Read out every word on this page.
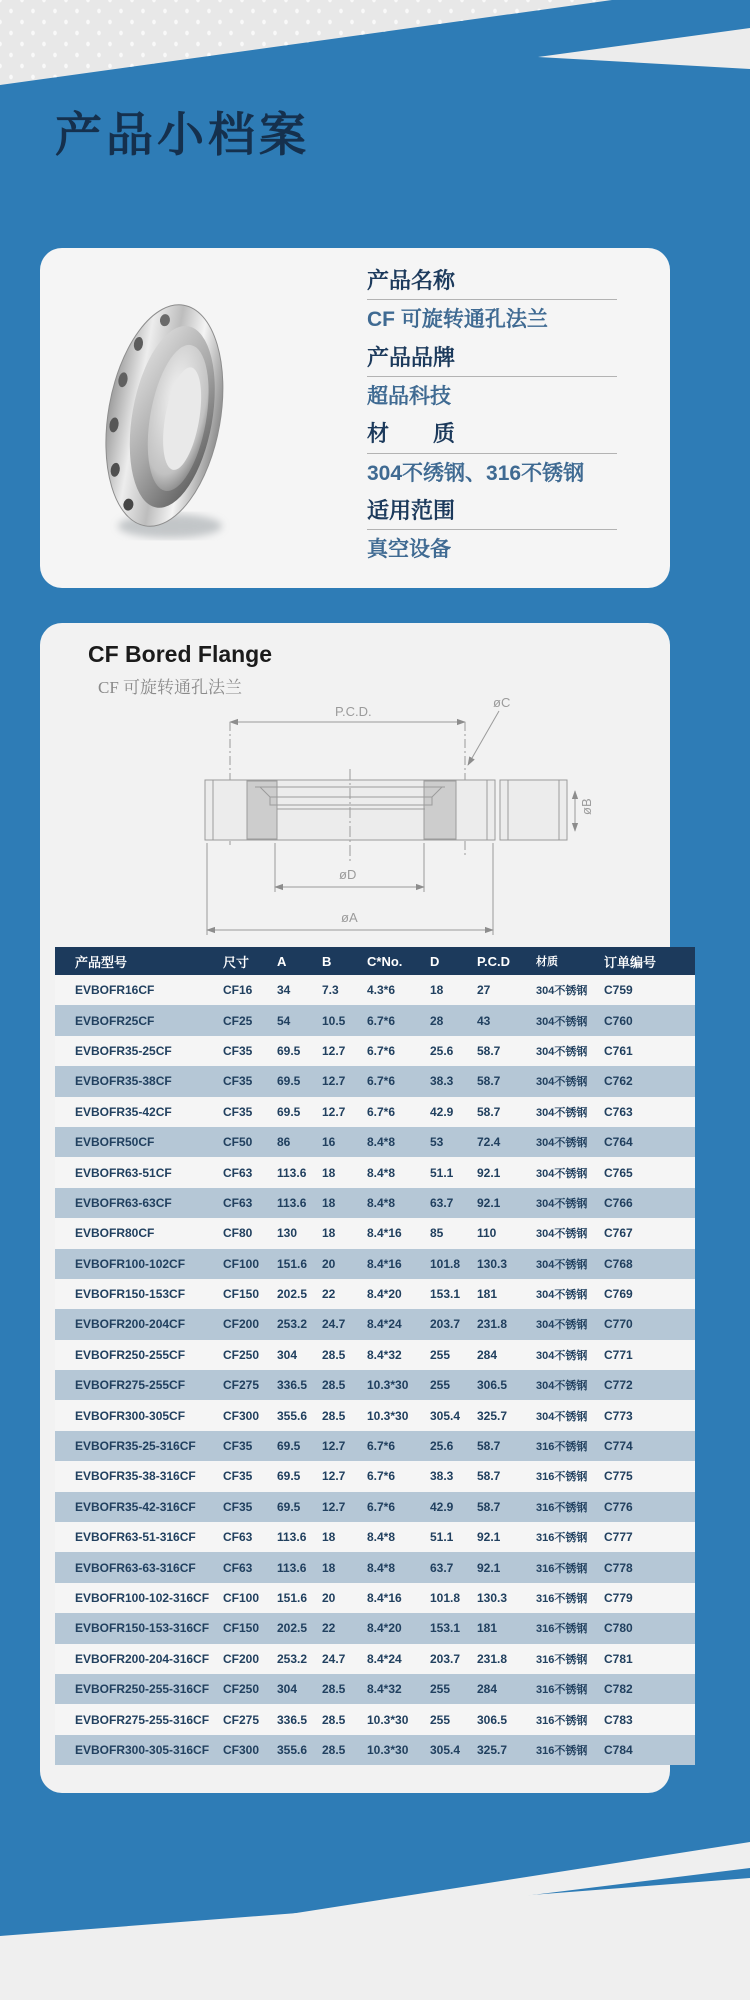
产品小档案
产品名称
CF 可旋转通孔法兰
产品品牌
超品科技
材　　质
304不绣钢、316不锈钢
适用范围
真空设备
CF Bored Flange
CF 可旋转通孔法兰
P.C.D.
øC
øB
øD
øA
产品型号	尺寸	A	B	C*No.	D	P.C.D	材质	订单编号
EVBOFR16CF	CF16	34	7.3	4.3*6	18	27	304不锈钢	C759
EVBOFR25CF	CF25	54	10.5	6.7*6	28	43	304不锈钢	C760
EVBOFR35-25CF	CF35	69.5	12.7	6.7*6	25.6	58.7	304不锈钢	C761
EVBOFR35-38CF	CF35	69.5	12.7	6.7*6	38.3	58.7	304不锈钢	C762
EVBOFR35-42CF	CF35	69.5	12.7	6.7*6	42.9	58.7	304不锈钢	C763
EVBOFR50CF	CF50	86	16	8.4*8	53	72.4	304不锈钢	C764
EVBOFR63-51CF	CF63	113.6	18	8.4*8	51.1	92.1	304不锈钢	C765
EVBOFR63-63CF	CF63	113.6	18	8.4*8	63.7	92.1	304不锈钢	C766
EVBOFR80CF	CF80	130	18	8.4*16	85	110	304不锈钢	C767
EVBOFR100-102CF	CF100	151.6	20	8.4*16	101.8	130.3	304不锈钢	C768
EVBOFR150-153CF	CF150	202.5	22	8.4*20	153.1	181	304不锈钢	C769
EVBOFR200-204CF	CF200	253.2	24.7	8.4*24	203.7	231.8	304不锈钢	C770
EVBOFR250-255CF	CF250	304	28.5	8.4*32	255	284	304不锈钢	C771
EVBOFR275-255CF	CF275	336.5	28.5	10.3*30	255	306.5	304不锈钢	C772
EVBOFR300-305CF	CF300	355.6	28.5	10.3*30	305.4	325.7	304不锈钢	C773
EVBOFR35-25-316CF	CF35	69.5	12.7	6.7*6	25.6	58.7	316不锈钢	C774
EVBOFR35-38-316CF	CF35	69.5	12.7	6.7*6	38.3	58.7	316不锈钢	C775
EVBOFR35-42-316CF	CF35	69.5	12.7	6.7*6	42.9	58.7	316不锈钢	C776
EVBOFR63-51-316CF	CF63	113.6	18	8.4*8	51.1	92.1	316不锈钢	C777
EVBOFR63-63-316CF	CF63	113.6	18	8.4*8	63.7	92.1	316不锈钢	C778
EVBOFR100-102-316CF	CF100	151.6	20	8.4*16	101.8	130.3	316不锈钢	C779
EVBOFR150-153-316CF	CF150	202.5	22	8.4*20	153.1	181	316不锈钢	C780
EVBOFR200-204-316CF	CF200	253.2	24.7	8.4*24	203.7	231.8	316不锈钢	C781
EVBOFR250-255-316CF	CF250	304	28.5	8.4*32	255	284	316不锈钢	C782
EVBOFR275-255-316CF	CF275	336.5	28.5	10.3*30	255	306.5	316不锈钢	C783
EVBOFR300-305-316CF	CF300	355.6	28.5	10.3*30	305.4	325.7	316不锈钢	C784
